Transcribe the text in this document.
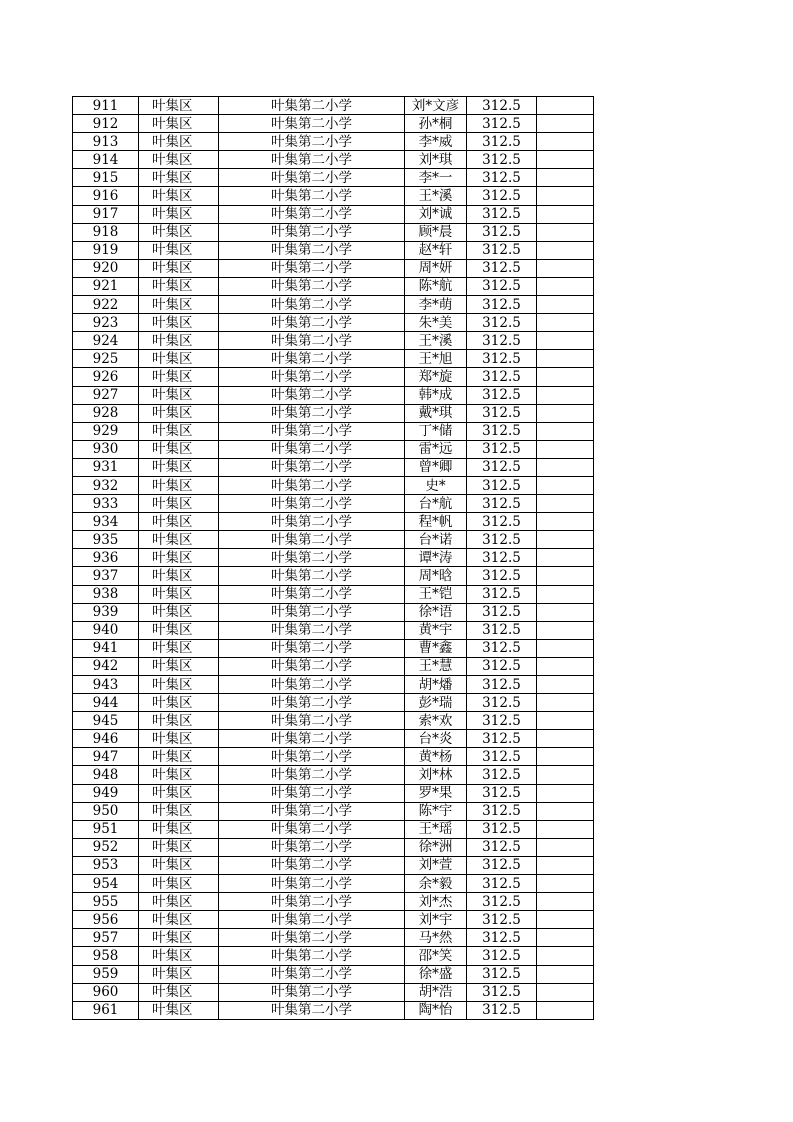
911	叶集区	叶集第二小学	刘*文彦	312.5	
912	叶集区	叶集第二小学	孙*桐	312.5	
913	叶集区	叶集第二小学	李*威	312.5	
914	叶集区	叶集第二小学	刘*琪	312.5	
915	叶集区	叶集第二小学	李*一	312.5	
916	叶集区	叶集第二小学	王*溪	312.5	
917	叶集区	叶集第二小学	刘*诚	312.5	
918	叶集区	叶集第二小学	顾*晨	312.5	
919	叶集区	叶集第二小学	赵*轩	312.5	
920	叶集区	叶集第二小学	周*妍	312.5	
921	叶集区	叶集第二小学	陈*航	312.5	
922	叶集区	叶集第二小学	李*萌	312.5	
923	叶集区	叶集第二小学	朱*美	312.5	
924	叶集区	叶集第二小学	王*溪	312.5	
925	叶集区	叶集第二小学	王*旭	312.5	
926	叶集区	叶集第二小学	郑*旋	312.5	
927	叶集区	叶集第二小学	韩*成	312.5	
928	叶集区	叶集第二小学	戴*琪	312.5	
929	叶集区	叶集第二小学	丁*储	312.5	
930	叶集区	叶集第二小学	雷*远	312.5	
931	叶集区	叶集第二小学	曾*卿	312.5	
932	叶集区	叶集第二小学	史*	312.5	
933	叶集区	叶集第二小学	台*航	312.5	
934	叶集区	叶集第二小学	程*帆	312.5	
935	叶集区	叶集第二小学	台*诺	312.5	
936	叶集区	叶集第二小学	谭*涛	312.5	
937	叶集区	叶集第二小学	周*晗	312.5	
938	叶集区	叶集第二小学	王*铠	312.5	
939	叶集区	叶集第二小学	徐*语	312.5	
940	叶集区	叶集第二小学	黄*宇	312.5	
941	叶集区	叶集第二小学	曹*鑫	312.5	
942	叶集区	叶集第二小学	王*慧	312.5	
943	叶集区	叶集第二小学	胡*燔	312.5	
944	叶集区	叶集第二小学	彭*瑞	312.5	
945	叶集区	叶集第二小学	索*欢	312.5	
946	叶集区	叶集第二小学	台*炎	312.5	
947	叶集区	叶集第二小学	黄*杨	312.5	
948	叶集区	叶集第二小学	刘*林	312.5	
949	叶集区	叶集第二小学	罗*果	312.5	
950	叶集区	叶集第二小学	陈*宇	312.5	
951	叶集区	叶集第二小学	王*瑶	312.5	
952	叶集区	叶集第二小学	徐*洲	312.5	
953	叶集区	叶集第二小学	刘*萱	312.5	
954	叶集区	叶集第二小学	余*毅	312.5	
955	叶集区	叶集第二小学	刘*杰	312.5	
956	叶集区	叶集第二小学	刘*宇	312.5	
957	叶集区	叶集第二小学	马*然	312.5	
958	叶集区	叶集第二小学	邵*笑	312.5	
959	叶集区	叶集第二小学	徐*盛	312.5	
960	叶集区	叶集第二小学	胡*浩	312.5	
961	叶集区	叶集第二小学	陶*怡	312.5	
